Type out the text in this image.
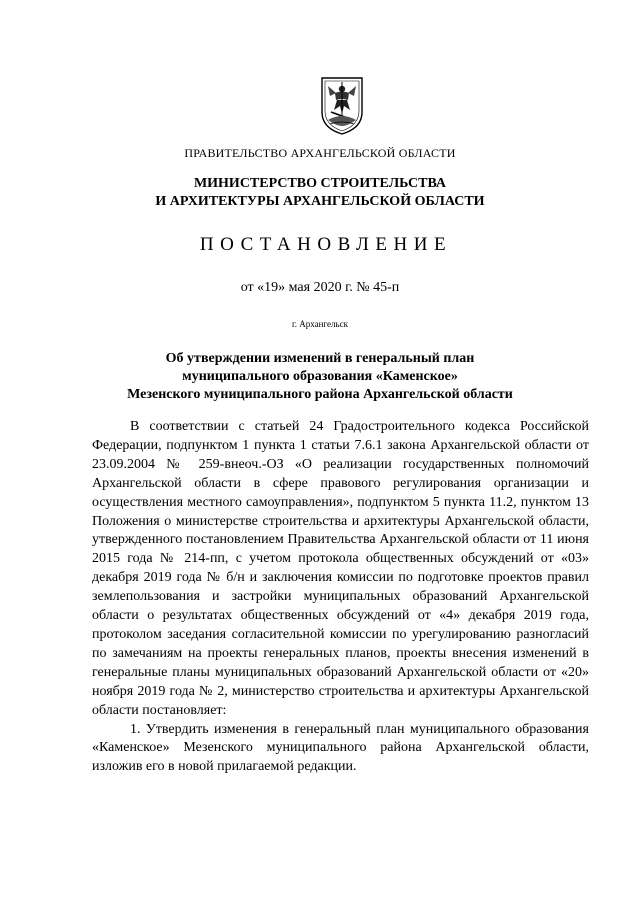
ПРАВИТЕЛЬСТВО АРХАНГЕЛЬСКОЙ ОБЛАСТИ
МИНИСТЕРСТВО СТРОИТЕЛЬСТВА
И АРХИТЕКТУРЫ АРХАНГЕЛЬСКОЙ ОБЛАСТИ
ПОСТАНОВЛЕНИЕ
от «19» мая 2020 г. № 45-п
г. Архангельск
Об утверждении изменений в генеральный план
муниципального образования «Каменское»
Мезенского муниципального района Архангельской области

В соответствии с статьей 24 Градостроительного кодекса Российской Федерации, подпунктом 1 пункта 1 статьи 7.6.1 закона Архангельской области от 23.09.2004 № 259-внеоч.-ОЗ «О реализации государственных полномочий Архангельской области в сфере правового регулирования организации и осуществления местного самоуправления», подпунктом 5 пункта 11.2, пунктом 13 Положения о министерстве строительства и архитектуры Архангельской области, утвержденного постановлением Правительства Архангельской области от 11 июня 2015 года № 214-пп, с учетом протокола общественных обсуждений от «03» декабря 2019 года № б/н и заключения комиссии по подготовке проектов правил землепользования и застройки муниципальных образований Архангельской области о результатах общественных обсуждений от «4» декабря 2019 года, протоколом заседания согласительной комиссии по урегулированию разногласий по замечаниям на проекты генеральных планов, проекты внесения изменений в генеральные планы муниципальных образований Архангельской области от «20» ноября 2019 года № 2, министерство строительства и архитектуры Архангельской области постановляет:

1. Утвердить изменения в генеральный план муниципального образования «Каменское» Мезенского муниципального района Архангельской области, изложив его в новой прилагаемой редакции.
